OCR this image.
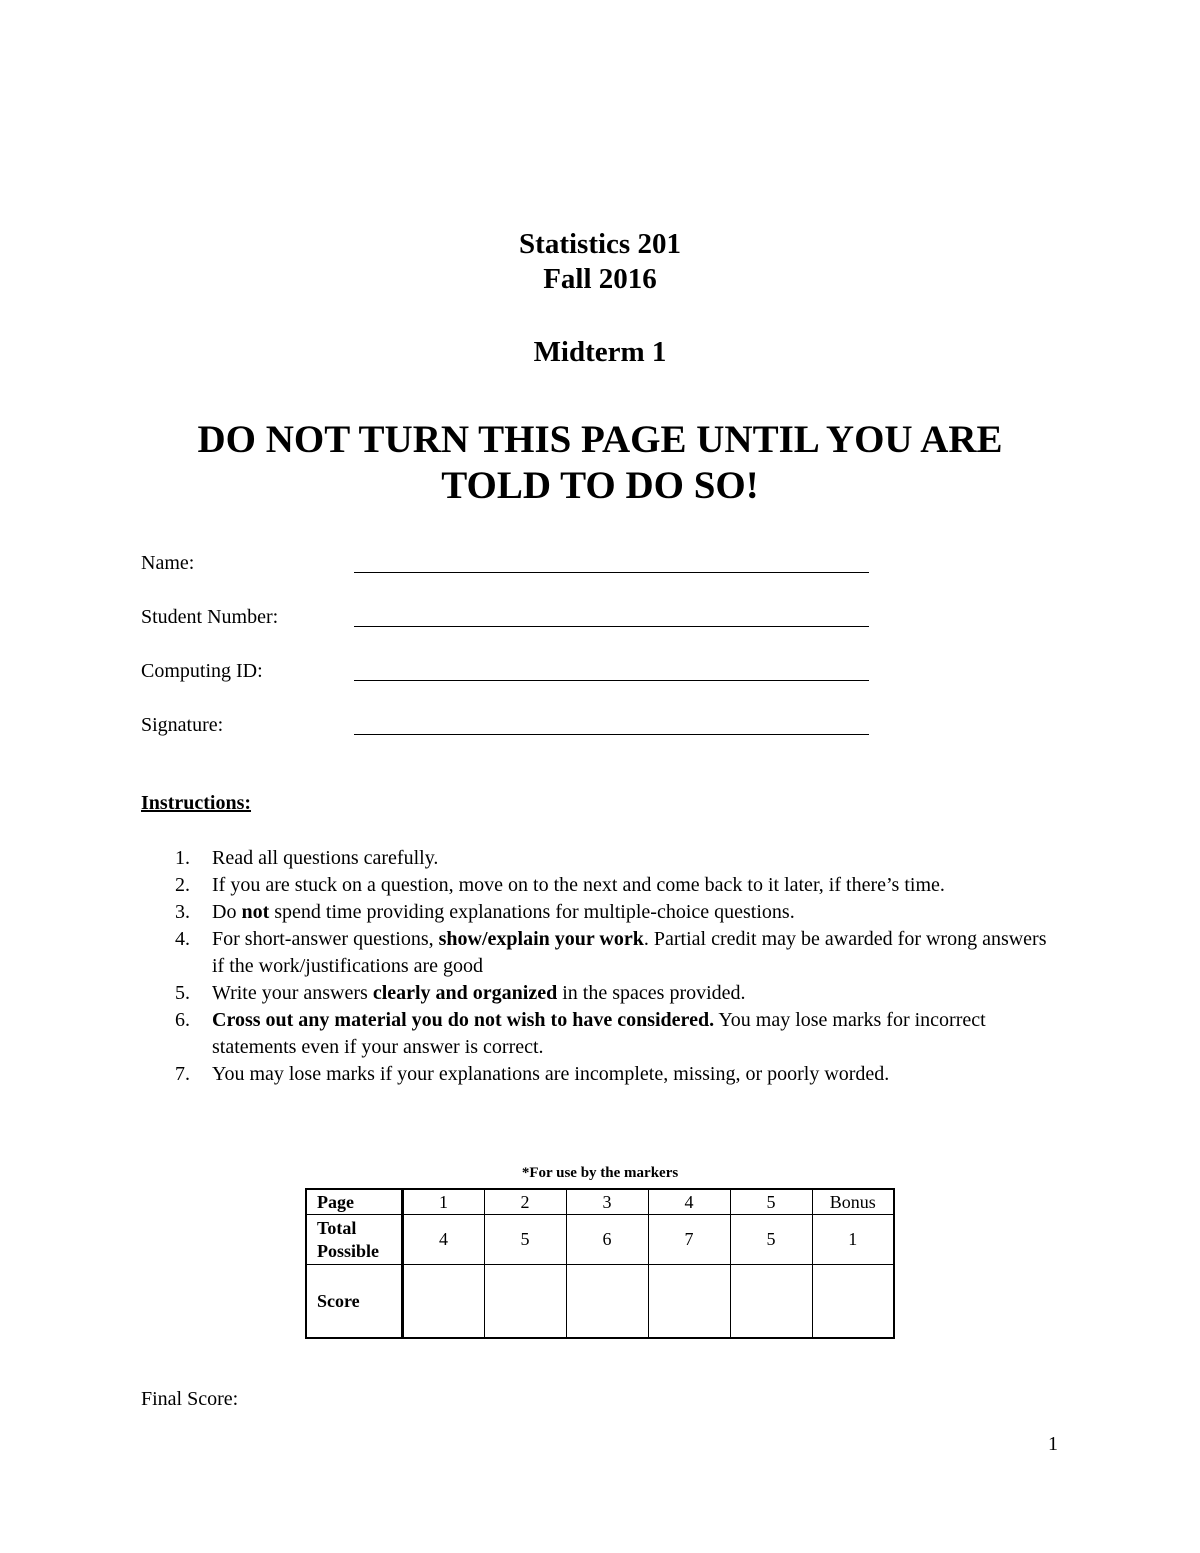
Statistics 201
Fall 2016
Midterm 1
DO NOT TURN THIS PAGE UNTIL YOU ARE
TOLD TO DO SO!
Name:
Student Number:
Computing ID:
Signature:
Instructions:
1. Read all questions carefully.
2. If you are stuck on a question, move on to the next and come back to it later, if there’s time.
3. Do not spend time providing explanations for multiple-choice questions.
4. For short-answer questions, show/explain your work. Partial credit may be awarded for wrong answers if the work/justifications are good
5. Write your answers clearly and organized in the spaces provided.
6. Cross out any material you do not wish to have considered. You may lose marks for incorrect statements even if your answer is correct.
7. You may lose marks if your explanations are incomplete, missing, or poorly worded.
*For use by the markers
Page	1	2	3	4	5	Bonus
Total Possible	4	5	6	7	5	1
Score						
Final Score:
1
